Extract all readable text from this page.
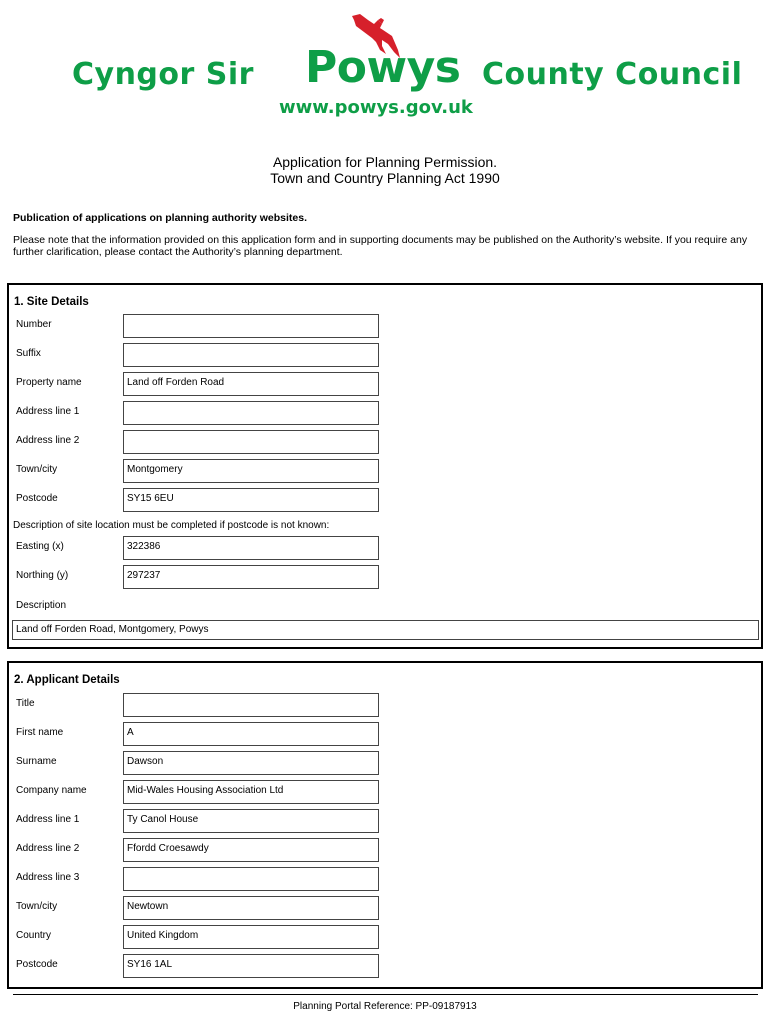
Cyngor Sir Powys County Council
www.powys.gov.uk
Application for Planning Permission.
Town and Country Planning Act 1990
Publication of applications on planning authority websites.
Please note that the information provided on this application form and in supporting documents may be published on the Authority’s website. If you require any further clarification, please contact the Authority’s planning department.
1. Site Details
Number
Suffix
Property name	Land off Forden Road
Address line 1
Address line 2
Town/city	Montgomery
Postcode	SY15 6EU
Description of site location must be completed if postcode is not known:
Easting (x)	322386
Northing (y)	297237
Description
Land off Forden Road, Montgomery, Powys
2. Applicant Details
Title
First name	A
Surname	Dawson
Company name	Mid-Wales Housing Association Ltd
Address line 1	Ty Canol House
Address line 2	Ffordd Croesawdy
Address line 3
Town/city	Newtown
Country	United Kingdom
Postcode	SY16 1AL
Planning Portal Reference: PP-09187913
